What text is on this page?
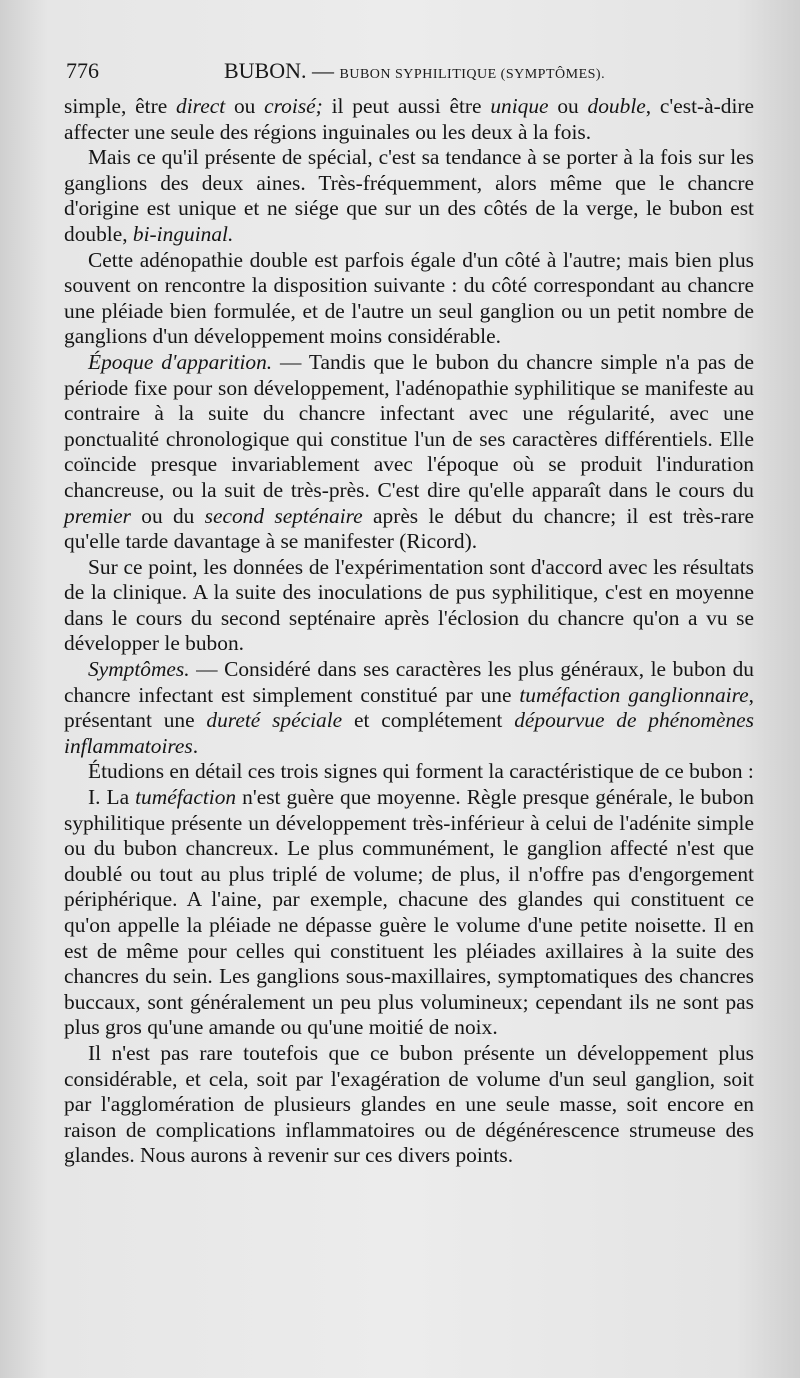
776	BUBON. — BUBON SYPHILITIQUE (SYMPTÔMES).

simple, être direct ou croisé; il peut aussi être unique ou double, c'est-à-dire affecter une seule des régions inguinales ou les deux à la fois.

Mais ce qu'il présente de spécial, c'est sa tendance à se porter à la fois sur les ganglions des deux aines. Très-fréquemment, alors même que le chancre d'origine est unique et ne siége que sur un des côtés de la verge, le bubon est double, bi-inguinal.

Cette adénopathie double est parfois égale d'un côté à l'autre; mais bien plus souvent on rencontre la disposition suivante : du côté correspondant au chancre une pléiade bien formulée, et de l'autre un seul ganglion ou un petit nombre de ganglions d'un développement moins considérable.

Époque d'apparition. — Tandis que le bubon du chancre simple n'a pas de période fixe pour son développement, l'adénopathie syphilitique se manifeste au contraire à la suite du chancre infectant avec une régularité, avec une ponctualité chronologique qui constitue l'un de ses caractères différentiels. Elle coïncide presque invariablement avec l'époque où se produit l'induration chancreuse, ou la suit de très-près. C'est dire qu'elle apparaît dans le cours du premier ou du second septénaire après le début du chancre; il est très-rare qu'elle tarde davantage à se manifester (Ricord).

Sur ce point, les données de l'expérimentation sont d'accord avec les résultats de la clinique. A la suite des inoculations de pus syphilitique, c'est en moyenne dans le cours du second septénaire après l'éclosion du chancre qu'on a vu se développer le bubon.

Symptômes. — Considéré dans ses caractères les plus généraux, le bubon du chancre infectant est simplement constitué par une tuméfaction ganglionnaire, présentant une dureté spéciale et complétement dépourvue de phénomènes inflammatoires.

Étudions en détail ces trois signes qui forment la caractéristique de ce bubon :

I. La tuméfaction n'est guère que moyenne. Règle presque générale, le bubon syphilitique présente un développement très-inférieur à celui de l'adénite simple ou du bubon chancreux. Le plus communément, le ganglion affecté n'est que doublé ou tout au plus triplé de volume; de plus, il n'offre pas d'engorgement périphérique. A l'aine, par exemple, chacune des glandes qui constituent ce qu'on appelle la pléiade ne dépasse guère le volume d'une petite noisette. Il en est de même pour celles qui constituent les pléiades axillaires à la suite des chancres du sein. Les ganglions sous-maxillaires, symptomatiques des chancres buccaux, sont généralement un peu plus volumineux; cependant ils ne sont pas plus gros qu'une amande ou qu'une moitié de noix.

Il n'est pas rare toutefois que ce bubon présente un développement plus considérable, et cela, soit par l'exagération de volume d'un seul ganglion, soit par l'agglomération de plusieurs glandes en une seule masse, soit encore en raison de complications inflammatoires ou de dégénérescence strumeuse des glandes. Nous aurons à revenir sur ces divers points.
